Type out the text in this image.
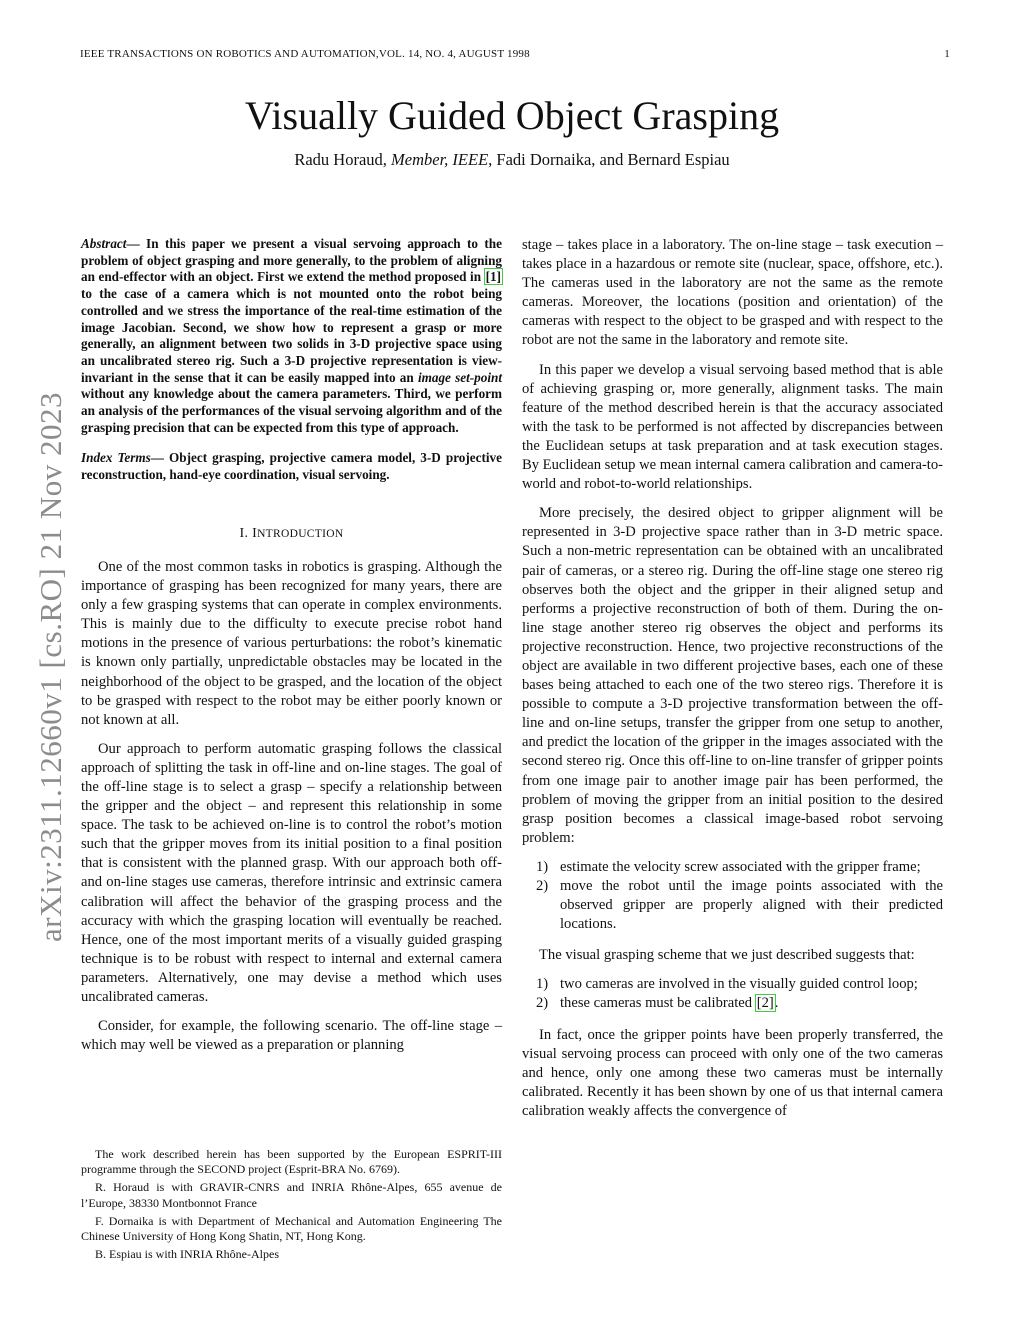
IEEE TRANSACTIONS ON ROBOTICS AND AUTOMATION,VOL. 14, NO. 4, AUGUST 1998	1
Visually Guided Object Grasping
Radu Horaud, Member, IEEE, Fadi Dornaika, and Bernard Espiau
arXiv:2311.12660v1 [cs.RO] 21 Nov 2023

Abstract— In this paper we present a visual servoing approach to the problem of object grasping and more generally, to the problem of aligning an end-effector with an object. First we extend the method proposed in [1] to the case of a camera which is not mounted onto the robot being controlled and we stress the importance of the real-time estimation of the image Jacobian. Second, we show how to represent a grasp or more generally, an alignment between two solids in 3-D projective space using an uncalibrated stereo rig. Such a 3-D projective representation is view-invariant in the sense that it can be easily mapped into an image set-point without any knowledge about the camera parameters. Third, we perform an analysis of the performances of the visual servoing algorithm and of the grasping precision that can be expected from this type of approach.

Index Terms— Object grasping, projective camera model, 3-D projective reconstruction, hand-eye coordination, visual servoing.

I. INTRODUCTION

One of the most common tasks in robotics is grasping. Although the importance of grasping has been recognized for many years, there are only a few grasping systems that can operate in complex environments. This is mainly due to the difficulty to execute precise robot hand motions in the presence of various perturbations: the robot’s kinematic is known only partially, unpredictable obstacles may be located in the neighborhood of the object to be grasped, and the location of the object to be grasped with respect to the robot may be either poorly known or not known at all.

Our approach to perform automatic grasping follows the classical approach of splitting the task in off-line and on-line stages. The goal of the off-line stage is to select a grasp – specify a relationship between the gripper and the object – and represent this relationship in some space. The task to be achieved on-line is to control the robot’s motion such that the gripper moves from its initial position to a final position that is consistent with the planned grasp. With our approach both off- and on-line stages use cameras, therefore intrinsic and extrinsic camera calibration will affect the behavior of the grasping process and the accuracy with which the grasping location will eventually be reached. Hence, one of the most important merits of a visually guided grasping technique is to be robust with respect to internal and external camera parameters. Alternatively, one may devise a method which uses uncalibrated cameras.

Consider, for example, the following scenario. The off-line stage – which may well be viewed as a preparation or planning

The work described herein has been supported by the European ESPRIT-III programme through the SECOND project (Esprit-BRA No. 6769).

R. Horaud is with GRAVIR-CNRS and INRIA Rhône-Alpes, 655 avenue de l’Europe, 38330 Montbonnot France

F. Dornaika is with Department of Mechanical and Automation Engineering The Chinese University of Hong Kong Shatin, NT, Hong Kong.

B. Espiau is with INRIA Rhône-Alpes

stage – takes place in a laboratory. The on-line stage – task execution – takes place in a hazardous or remote site (nuclear, space, offshore, etc.). The cameras used in the laboratory are not the same as the remote cameras. Moreover, the locations (position and orientation) of the cameras with respect to the object to be grasped and with respect to the robot are not the same in the laboratory and remote site.

In this paper we develop a visual servoing based method that is able of achieving grasping or, more generally, alignment tasks. The main feature of the method described herein is that the accuracy associated with the task to be performed is not affected by discrepancies between the Euclidean setups at task preparation and at task execution stages. By Euclidean setup we mean internal camera calibration and camera-to-world and robot-to-world relationships.

More precisely, the desired object to gripper alignment will be represented in 3-D projective space rather than in 3-D metric space. Such a non-metric representation can be obtained with an uncalibrated pair of cameras, or a stereo rig. During the off-line stage one stereo rig observes both the object and the gripper in their aligned setup and performs a projective reconstruction of both of them. During the on-line stage another stereo rig observes the object and performs its projective reconstruction. Hence, two projective reconstructions of the object are available in two different projective bases, each one of these bases being attached to each one of the two stereo rigs. Therefore it is possible to compute a 3-D projective transformation between the off-line and on-line setups, transfer the gripper from one setup to another, and predict the location of the gripper in the images associated with the second stereo rig. Once this off-line to on-line transfer of gripper points from one image pair to another image pair has been performed, the problem of moving the gripper from an initial position to the desired grasp position becomes a classical image-based robot servoing problem:

1) estimate the velocity screw associated with the gripper frame;
2) move the robot until the image points associated with the observed gripper are properly aligned with their predicted locations.

The visual grasping scheme that we just described suggests that:

1) two cameras are involved in the visually guided control loop;
2) these cameras must be calibrated [2].

In fact, once the gripper points have been properly transferred, the visual servoing process can proceed with only one of the two cameras and hence, only one among these two cameras must be internally calibrated. Recently it has been shown by one of us that internal camera calibration weakly affects the convergence of
